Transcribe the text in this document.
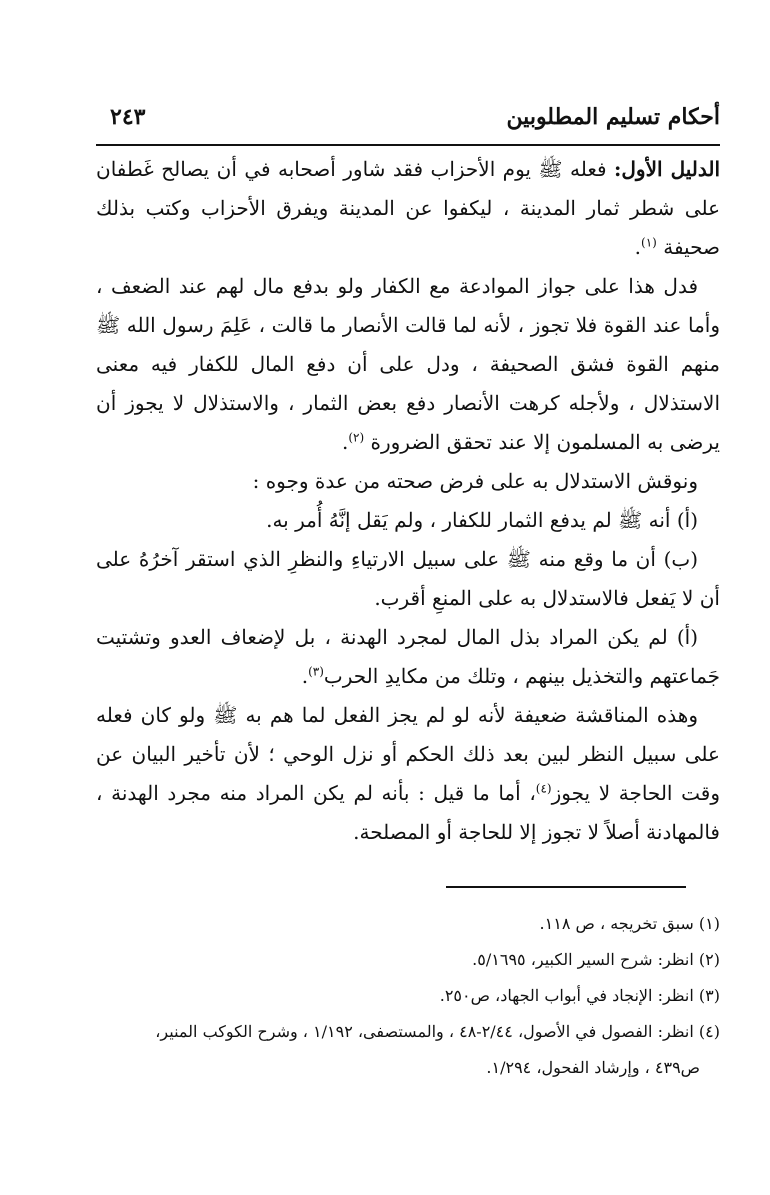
أحكام تسليم المطلوبين
٢٤٣

الدليل الأول: فعله ﷺ يوم الأحزاب فقد شاور أصحابه في أن يصالح غَطفان على شطر ثمار المدينة ، ليكفوا عن المدينة ويفرق الأحزاب وكتب بذلك صحيفة $^{(١)}$.

فدل هذا على جواز الموادعة مع الكفار ولو بدفع مال لهم عند الضعف ، وأما عند القوة فلا تجوز ، لأنه لما قالت الأنصار ما قالت ، عَلِمَ رسول الله ﷺ منهم القوة فشق الصحيفة ، ودل على أن دفع المال للكفار فيه معنى الاستذلال ، ولأجله كرهت الأنصار دفع بعض الثمار ، والاستذلال لا يجوز أن يرضى به المسلمون إلا عند تحقق الضرورة $^{(٢)}$.

ونوقش الاستدلال به على فرض صحته من عدة وجوه :

(أ) أنه ﷺ لم يدفع الثمار للكفار ، ولم يَقل إنَّهُ أُمر به.

(ب) أن ما وقع منه ﷺ على سبيل الارتياءِ والنظرِ الذي استقر آخرُهُ على أن لا يَفعل فالاستدلال به على المنعِ أقرب.

(أ) لم يكن المراد بذل المال لمجرد الهدنة ، بل لإضعاف العدو وتشتيت جَماعتهم والتخذيل بينهم ، وتلك من مكايدِ الحرب$^{(٣)}$.

وهذه المناقشة ضعيفة لأنه لو لم يجز الفعل لما هم به ﷺ ولو كان فعله على سبيل النظر لبين بعد ذلك الحكم أو نزل الوحي ؛ لأن تأخير البيان عن وقت الحاجة لا يجوز$^{(٤)}$، أما ما قيل : بأنه لم يكن المراد منه مجرد الهدنة ، فالمهادنة أصلاً لا تجوز إلا للحاجة أو المصلحة.

(١) سبق تخريجه ، ص ١١٨.

(٢) انظر: شرح السير الكبير، ٥/١٦٩٥.

(٣) انظر: الإنجاد في أبواب الجهاد، ص٢٥٠.

(٤) انظر: الفصول في الأصول، ٢/٤٤-٤٨ ، والمستصفى، ١/١٩٢ ، وشرح الكوكب المنير،

ص٤٣٩ ، وإرشاد الفحول، ١/٢٩٤.
